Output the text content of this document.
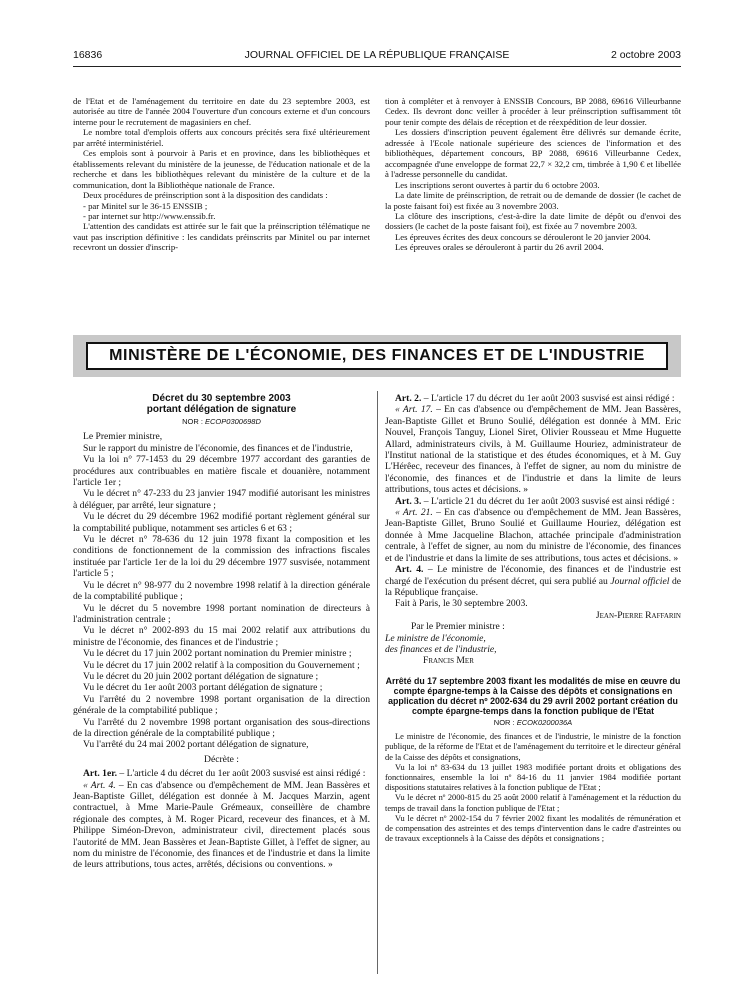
16836	JOURNAL OFFICIEL DE LA RÉPUBLIQUE FRANÇAISE	2 octobre 2003

de l'Etat et de l'aménagement du territoire en date du 23 septembre 2003, est autorisée au titre de l'année 2004 l'ouverture d'un concours externe et d'un concours interne pour le recrutement de magasiniers en chef.

Le nombre total d'emplois offerts aux concours précités sera fixé ultérieurement par arrêté interministériel.

Ces emplois sont à pourvoir à Paris et en province, dans les bibliothèques et établissements relevant du ministère de la jeunesse, de l'éducation nationale et de la recherche et dans les bibliothèques relevant du ministère de la culture et de la communication, dont la Bibliothèque nationale de France.

Deux procédures de préinscription sont à la disposition des candidats :

- par Minitel sur le 36-15 ENSSIB ;

- par internet sur http://www.enssib.fr.

L'attention des candidats est attirée sur le fait que la préinscription télématique ne vaut pas inscription définitive : les candidats préinscrits par Minitel ou par internet recevront un dossier d'inscrip-

tion à compléter et à renvoyer à ENSSIB Concours, BP 2088, 69616 Villeurbanne Cedex. Ils devront donc veiller à procéder à leur préinscription suffisamment tôt pour tenir compte des délais de réception et de réexpédition de leur dossier.

Les dossiers d'inscription peuvent également être délivrés sur demande écrite, adressée à l'Ecole nationale supérieure des sciences de l'information et des bibliothèques, département concours, BP 2088, 69616 Villeurbanne Cedex, accompagnée d'une enveloppe de format 22,7 × 32,2 cm, timbrée à 1,90 € et libellée à l'adresse personnelle du candidat.

Les inscriptions seront ouvertes à partir du 6 octobre 2003.

La date limite de préinscription, de retrait ou de demande de dossier (le cachet de la poste faisant foi) est fixée au 3 novembre 2003.

La clôture des inscriptions, c'est-à-dire la date limite de dépôt ou d'envoi des dossiers (le cachet de la poste faisant foi), est fixée au 7 novembre 2003.

Les épreuves écrites des deux concours se dérouleront le 20 janvier 2004.

Les épreuves orales se dérouleront à partir du 26 avril 2004.

MINISTÈRE DE L'ÉCONOMIE, DES FINANCES ET DE L'INDUSTRIE
Décret du 30 septembre 2003
portant délégation de signature
NOR : ECOP0300698D

Le Premier ministre,

Sur le rapport du ministre de l'économie, des finances et de l'industrie,

Vu la loi n° 77-1453 du 29 décembre 1977 accordant des garanties de procédures aux contribuables en matière fiscale et douanière, notamment l'article 1er ;

Vu le décret n° 47-233 du 23 janvier 1947 modifié autorisant les ministres à déléguer, par arrêté, leur signature ;

Vu le décret du 29 décembre 1962 modifié portant règlement général sur la comptabilité publique, notamment ses articles 6 et 63 ;

Vu le décret n° 78-636 du 12 juin 1978 fixant la composition et les conditions de fonctionnement de la commission des infractions fiscales instituée par l'article 1er de la loi du 29 décembre 1977 susvisée, notamment l'article 5 ;

Vu le décret n° 98-977 du 2 novembre 1998 relatif à la direction générale de la comptabilité publique ;

Vu le décret du 5 novembre 1998 portant nomination de directeurs à l'administration centrale ;

Vu le décret n° 2002-893 du 15 mai 2002 relatif aux attributions du ministre de l'économie, des finances et de l'industrie ;

Vu le décret du 17 juin 2002 portant nomination du Premier ministre ;

Vu le décret du 17 juin 2002 relatif à la composition du Gouvernement ;

Vu le décret du 20 juin 2002 portant délégation de signature ;

Vu le décret du 1er août 2003 portant délégation de signature ;

Vu l'arrêté du 2 novembre 1998 portant organisation de la direction générale de la comptabilité publique ;

Vu l'arrêté du 2 novembre 1998 portant organisation des sous-directions de la direction générale de la comptabilité publique ;

Vu l'arrêté du 24 mai 2002 portant délégation de signature,

Décrète :

Art. 1er. – L'article 4 du décret du 1er août 2003 susvisé est ainsi rédigé :

« Art. 4. – En cas d'absence ou d'empêchement de MM. Jean Bassères et Jean-Baptiste Gillet, délégation est donnée à M. Jacques Marzin, agent contractuel, à Mme Marie-Paule Grémeaux, conseillère de chambre régionale des comptes, à M. Roger Picard, receveur des finances, et à M. Philippe Siméon-Drevon, administrateur civil, directement placés sous l'autorité de MM. Jean Bassères et Jean-Baptiste Gillet, à l'effet de signer, au nom du ministre de l'économie, des finances et de l'industrie et dans la limite de leurs attributions, tous actes, arrêtés, décisions ou conventions. »

Art. 2. – L'article 17 du décret du 1er août 2003 susvisé est ainsi rédigé :

« Art. 17. – En cas d'absence ou d'empêchement de MM. Jean Bassères, Jean-Baptiste Gillet et Bruno Soulié, délégation est donnée à MM. Eric Nouvel, François Tanguy, Lionel Siret, Olivier Rousseau et Mme Huguette Allard, administrateurs civils, à M. Guillaume Houriez, administrateur de l'Institut national de la statistique et des études économiques, et à M. Guy L'Hérêec, receveur des finances, à l'effet de signer, au nom du ministre de l'économie, des finances et de l'industrie et dans la limite de leurs attributions, tous actes et décisions. »

Art. 3. – L'article 21 du décret du 1er août 2003 susvisé est ainsi rédigé :

« Art. 21. – En cas d'absence ou d'empêchement de MM. Jean Bassères, Jean-Baptiste Gillet, Bruno Soulié et Guillaume Houriez, délégation est donnée à Mme Jacqueline Blachon, attachée principale d'administration centrale, à l'effet de signer, au nom du ministre de l'économie, des finances et de l'industrie et dans la limite de ses attributions, tous actes et décisions. »

Art. 4. – Le ministre de l'économie, des finances et de l'industrie est chargé de l'exécution du présent décret, qui sera publié au Journal officiel de la République française.

Fait à Paris, le 30 septembre 2003.

Jean-Pierre Raffarin

Par le Premier ministre :

Le ministre de l'économie,

des finances et de l'industrie,

Francis Mer

Arrêté du 17 septembre 2003 fixant les modalités de mise en œuvre du compte épargne-temps à la Caisse des dépôts et consignations en application du décret nº 2002-634 du 29 avril 2002 portant création du compte épargne-temps dans la fonction publique de l'Etat
NOR : ECOK0200036A

Le ministre de l'économie, des finances et de l'industrie, le ministre de la fonction publique, de la réforme de l'Etat et de l'aménagement du territoire et le directeur général de la Caisse des dépôts et consignations,

Vu la loi nº 83-634 du 13 juillet 1983 modifiée portant droits et obligations des fonctionnaires, ensemble la loi nº 84-16 du 11 janvier 1984 modifiée portant dispositions statutaires relatives à la fonction publique de l'Etat ;

Vu le décret nº 2000-815 du 25 août 2000 relatif à l'aménagement et la réduction du temps de travail dans la fonction publique de l'Etat ;

Vu le décret nº 2002-154 du 7 février 2002 fixant les modalités de rémunération et de compensation des astreintes et des temps d'intervention dans le cadre d'astreintes ou de travaux exceptionnels à la Caisse des dépôts et consignations ;
